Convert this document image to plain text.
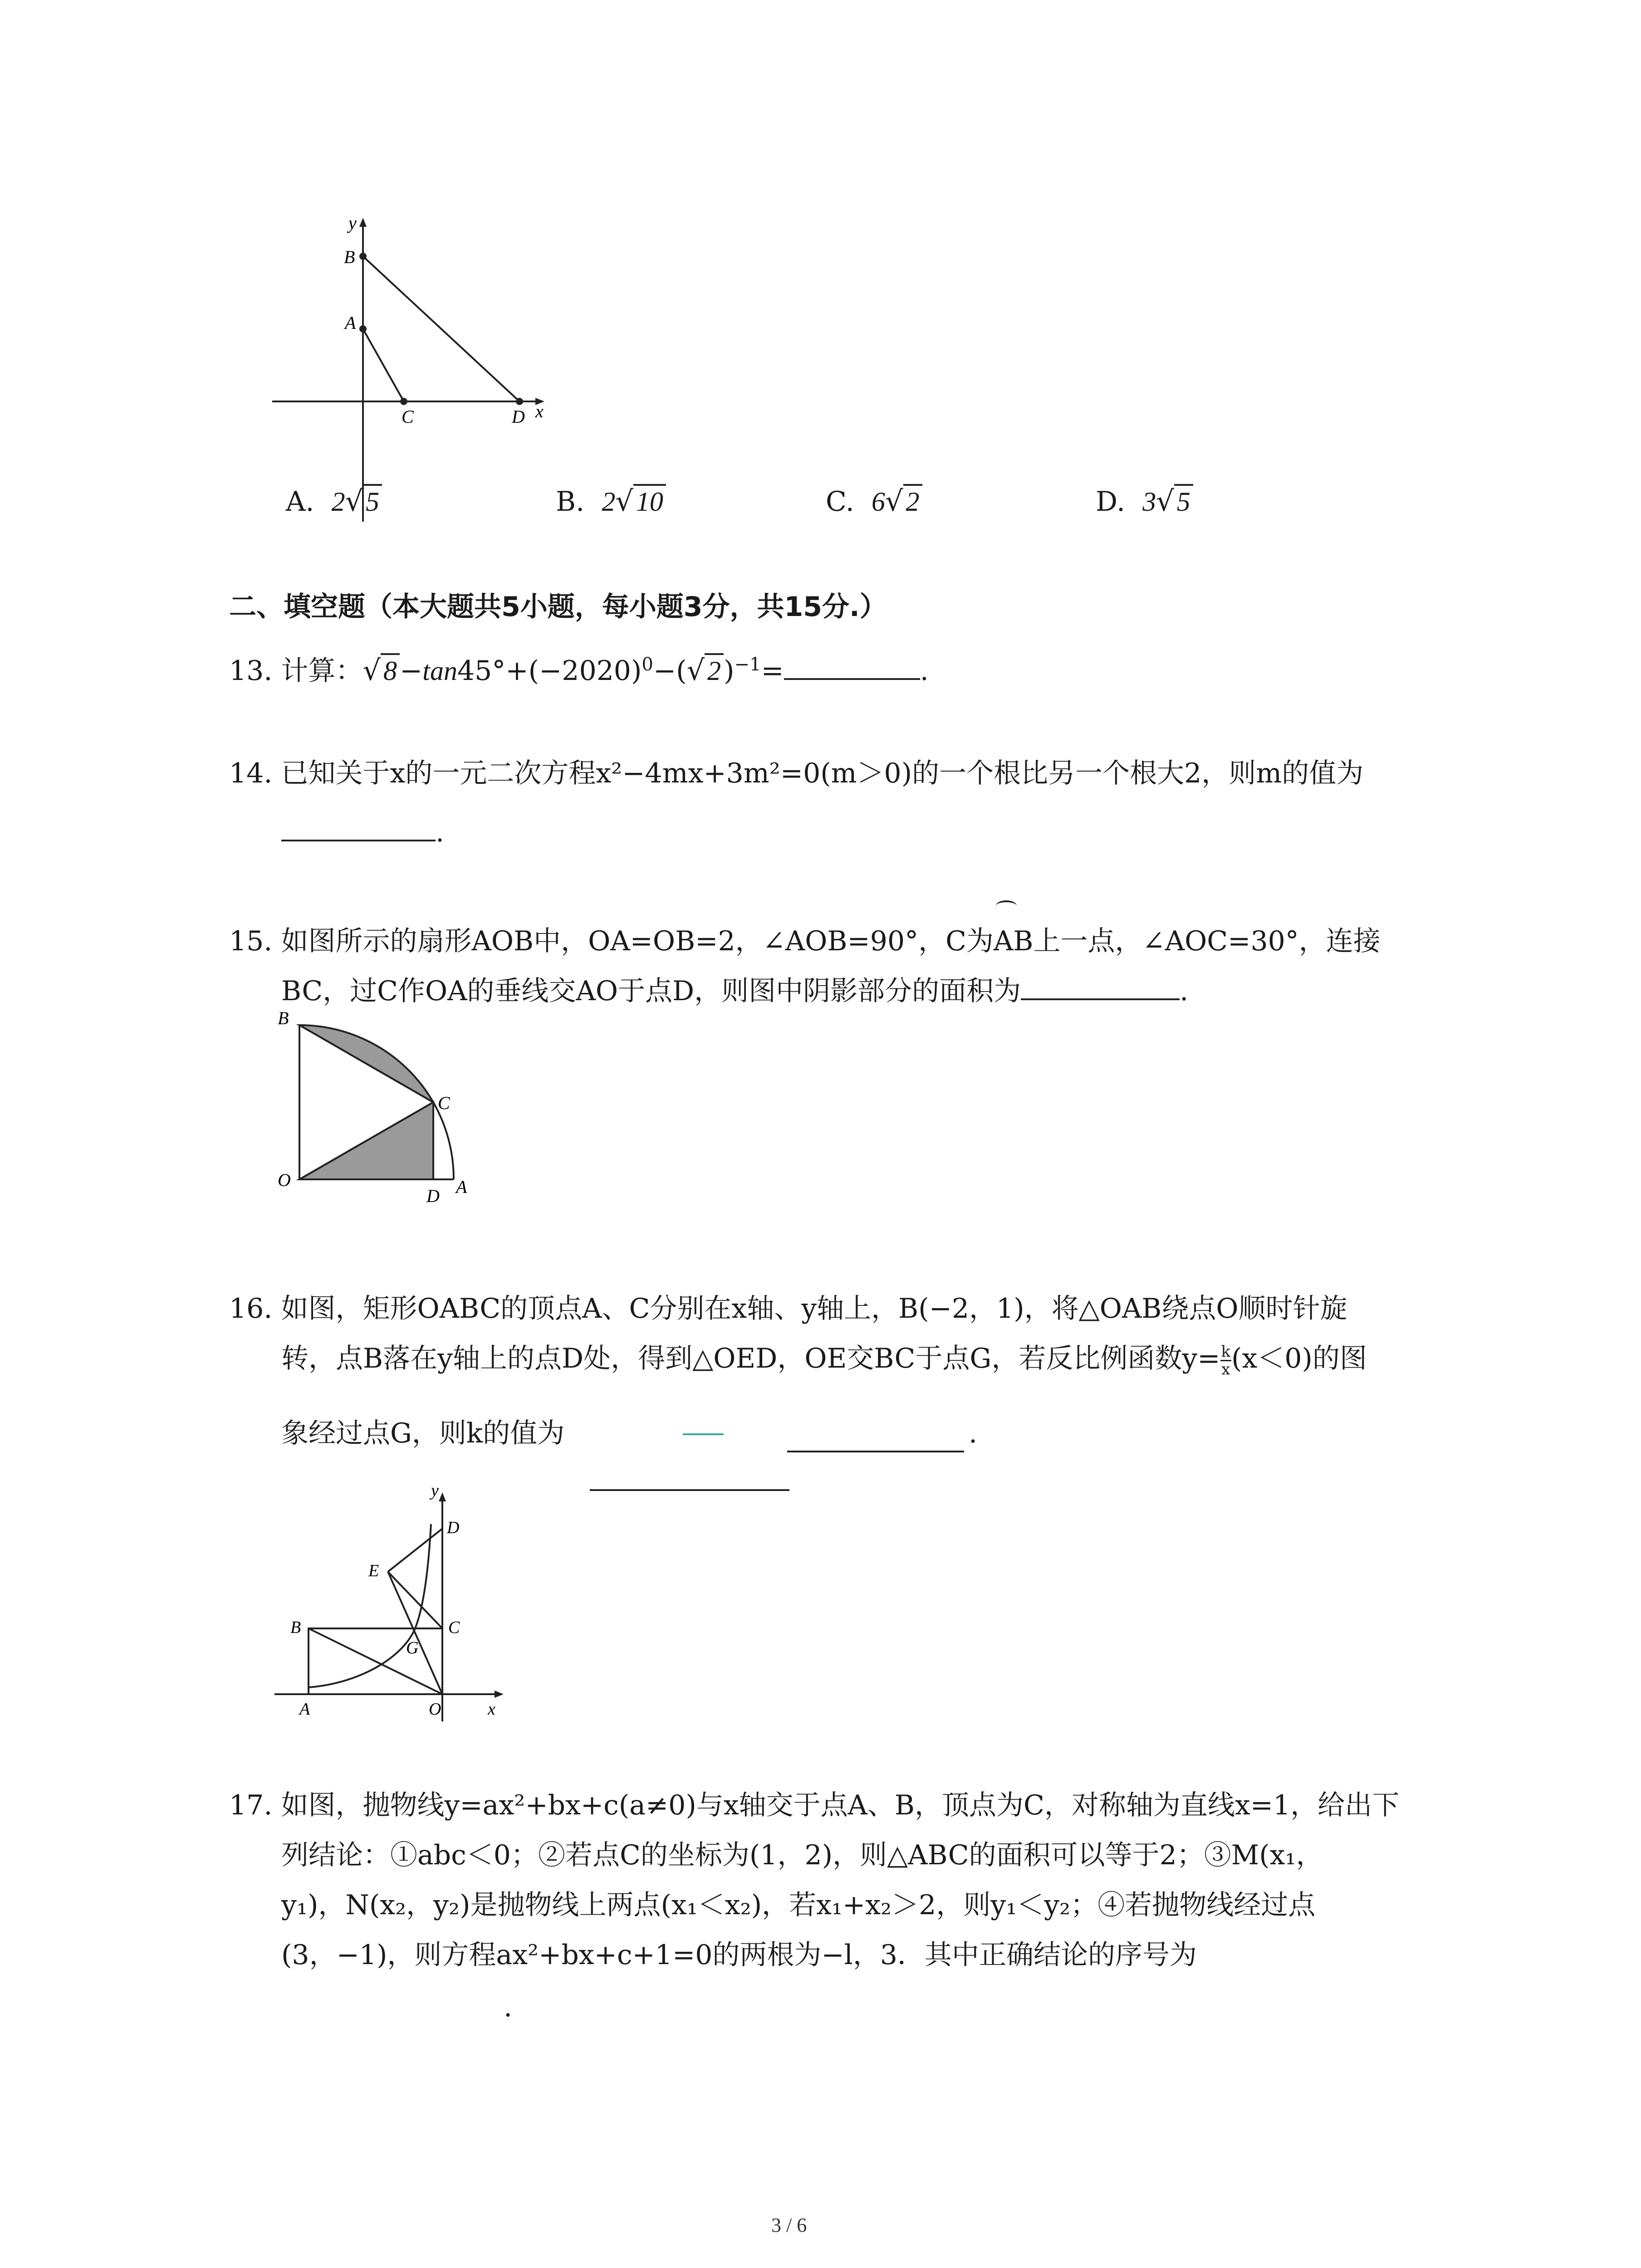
y
B
A
C	D x
A. 2√ 5	B. 2√ 10	C. 6√ 2	D. 3√ 5
二、填空题（本大题共5小题，每小题3分，共15分.）
13. 计算：√ $8 -\tan 45^\circ+(-2020)^0-(√$ 2 )$^{-1}$=	.
14. 已知关于x的一元二次方程x²−4mx+3m²=0(m＞0)的一个根比另一个根大2，则m的值为
.
15. 如图所示的扇形AOB中，OA=OB=2，∠AOB=90°，C为AB上一点，∠AOC=30°，连接
BC，过C作OA的垂线交AO于点D，则图中阴影部分的面积为	.
B
C
O
D A
16. 如图，矩形OABC的顶点A、C分别在x轴、y轴上，B(−2，1)，将△OAB绕点O顺时针旋
转，点B落在y轴上的点D处，得到△OED，OE交BC于点G，若反比例函数$y= \frac{k}{x} (x<0)$的图
象经过点G，则k的值为	.
y
D
E
B	C
G
A	O	x
17. 如图，抛物线y=ax²+bx+c(a≠0)与x轴交于点A、B，顶点为C，对称轴为直线x=1，给出下
列结论：①abc＜0；②若点C的坐标为(1，2)，则△ABC的面积可以等于2；③M(x₁，
y₁)，N(x₂，y₂)是抛物线上两点(x₁＜x₂)，若x₁+x₂＞2，则y₁＜y₂；④若抛物线经过点
(3，−1)，则方程ax²+bx+c+1=0的两根为−l，3．其中正确结论的序号为
.
3 / 6
